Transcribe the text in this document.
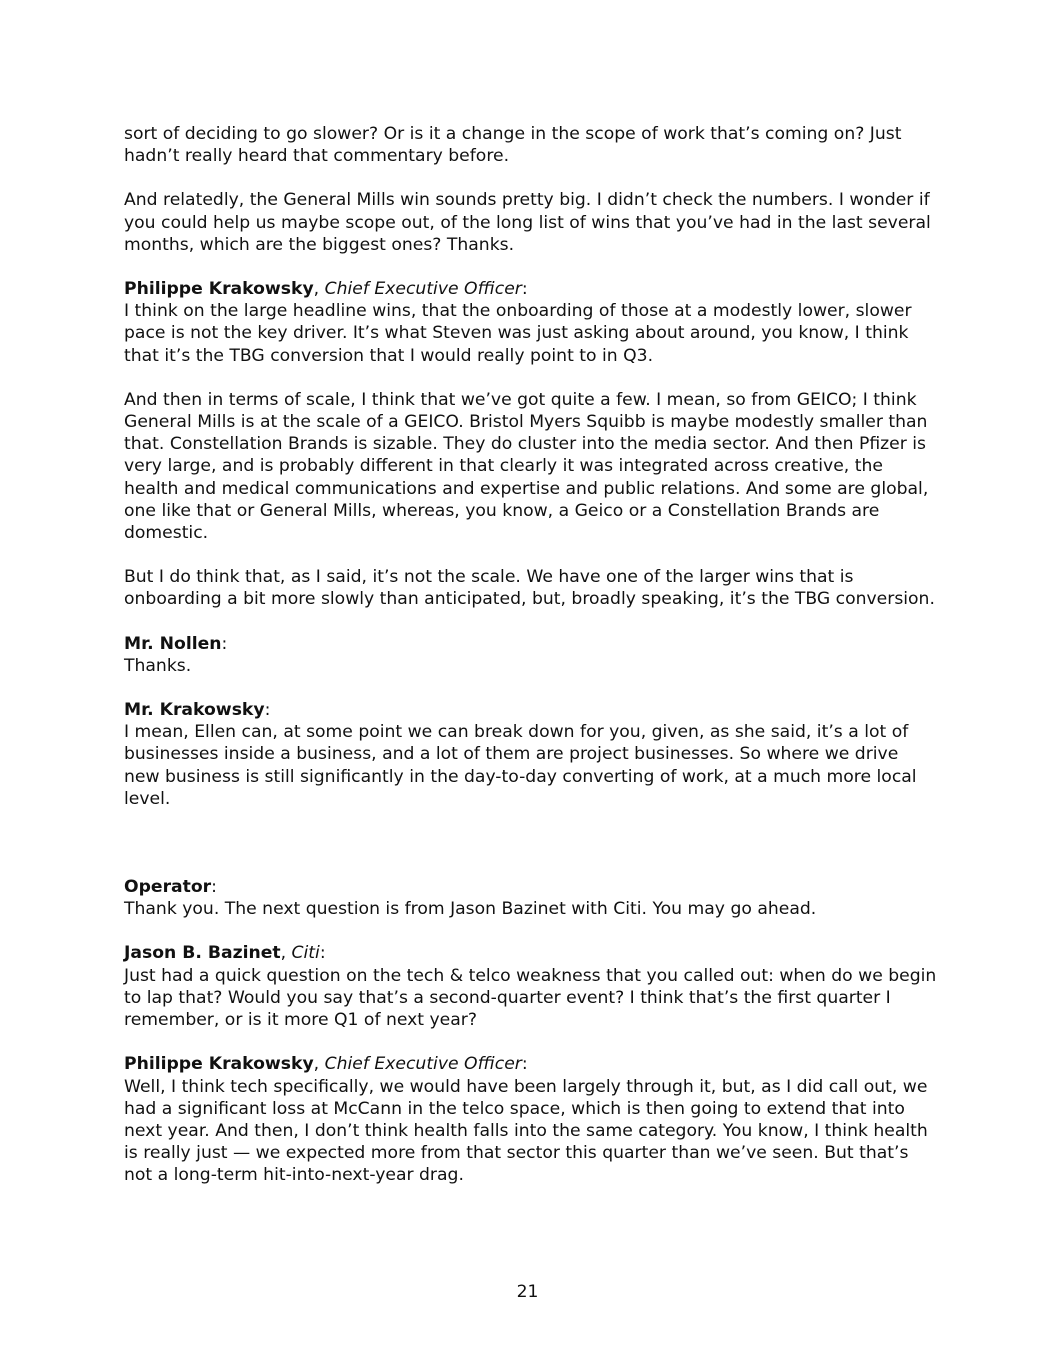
sort of deciding to go slower? Or is it a change in the scope of work that’s coming on? Just hadn’t really heard that commentary before.

And relatedly, the General Mills win sounds pretty big. I didn’t check the numbers. I wonder if you could help us maybe scope out, of the long list of wins that you’ve had in the last several months, which are the biggest ones? Thanks.

Philippe Krakowsky, Chief Executive Officer:
I think on the large headline wins, that the onboarding of those at a modestly lower, slower pace is not the key driver. It’s what Steven was just asking about around, you know, I think that it’s the TBG conversion that I would really point to in Q3.

And then in terms of scale, I think that we’ve got quite a few. I mean, so from GEICO; I think General Mills is at the scale of a GEICO. Bristol Myers Squibb is maybe modestly smaller than that. Constellation Brands is sizable. They do cluster into the media sector. And then Pfizer is very large, and is probably different in that clearly it was integrated across creative, the health and medical communications and expertise and public relations. And some are global, one like that or General Mills, whereas, you know, a Geico or a Constellation Brands are domestic.

But I do think that, as I said, it’s not the scale. We have one of the larger wins that is onboarding a bit more slowly than anticipated, but, broadly speaking, it’s the TBG conversion.

Mr. Nollen:
Thanks.
Mr. Krakowsky:
I mean, Ellen can, at some point we can break down for you, given, as she said, it’s a lot of businesses inside a business, and a lot of them are project businesses. So where we drive new business is still significantly in the day-to-day converting of work, at a much more local level.
Operator:
Thank you. The next question is from Jason Bazinet with Citi. You may go ahead.
Jason B. Bazinet, Citi:
Just had a quick question on the tech & telco weakness that you called out: when do we begin to lap that? Would you say that’s a second-quarter event? I think that’s the first quarter I remember, or is it more Q1 of next year?
Philippe Krakowsky, Chief Executive Officer:
Well, I think tech specifically, we would have been largely through it, but, as I did call out, we had a significant loss at McCann in the telco space, which is then going to extend that into next year. And then, I don’t think health falls into the same category. You know, I think health is really just — we expected more from that sector this quarter than we’ve seen. But that’s not a long-term hit-into-next-year drag.
21
